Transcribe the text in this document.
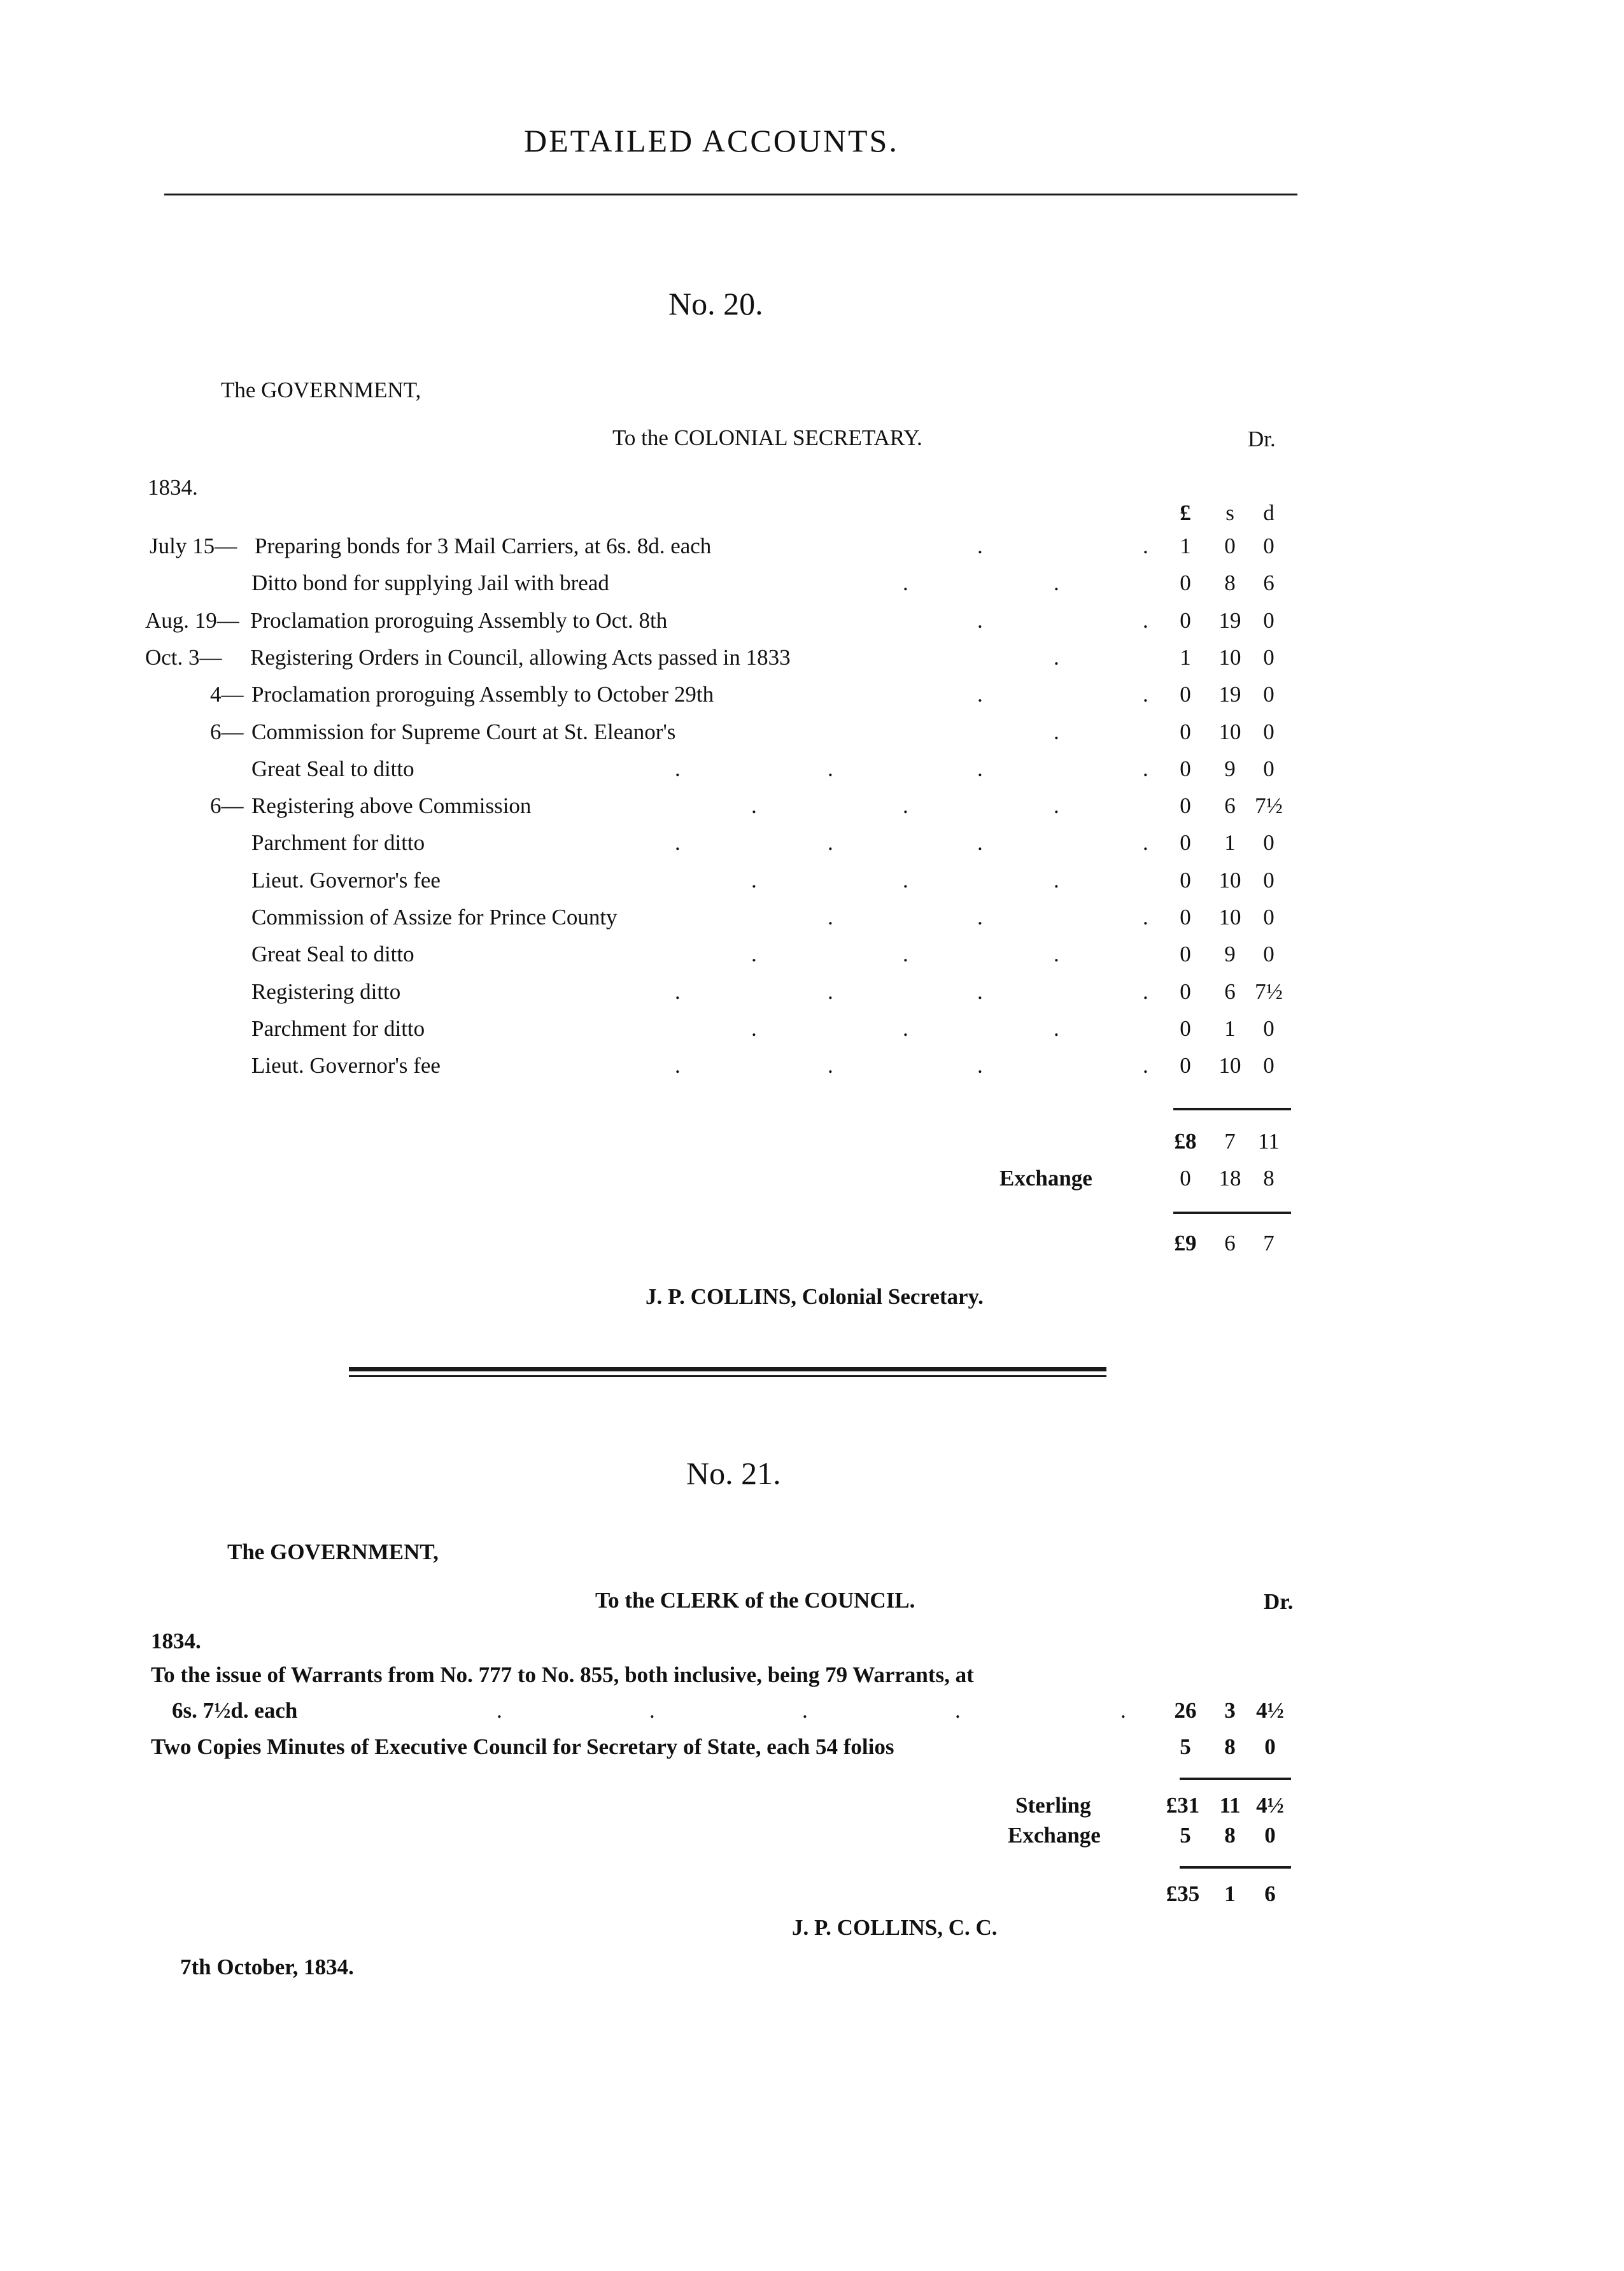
DETAILED ACCOUNTS.
No. 20.
The GOVERNMENT,
To the COLONIAL SECRETARY.	Dr.
1834.
£	s	d
July 15— Preparing bonds for 3 Mail Carriers, at 6s. 8d. each	.	.	1	0	0
Ditto bond for supplying Jail with bread	.	.	0	8	6
Aug. 19— Proclamation proroguing Assembly to Oct. 8th	.	.	0	19 0
Oct. 3— Registering Orders in Council, allowing Acts passed in 1833	.	1	10 0
4— Proclamation proroguing Assembly to October 29th	.	.	0	19 0
6— Commission for Supreme Court at St. Eleanor's	.	0	10 0
Great Seal to ditto	.	.	.	.	0	9	0
6— Registering above Commission	.	.	.	0	6 7½
Parchment for ditto	.	.	.	.	0	1	0
Lieut. Governor's fee	.	.	.	0	10 0
Commission of Assize for Prince County	.	.	.	0	10 0
Great Seal to ditto	.	.	.	0	9	0
Registering ditto	.	.	.	.	0	6 7½
Parchment for ditto	.	.	.	0	1	0
Lieut. Governor's fee	.	.	.	.	0	10 0
£8	7	11
Exchange	0	18 8
£9	6	7
J. P. COLLINS, Colonial Secretary.
No. 21.
The GOVERNMENT,
To the CLERK of the COUNCIL.	Dr.
1834.
To the issue of Warrants from No. 777 to No. 855, both inclusive, being 79 Warrants, at
6s. 7½d. each	.	.	.	.	.	26	3 4½
Two Copies Minutes of Executive Council for Secretary of State, each 54 folios	5	8	0
Sterling	£31 11 4½
Exchange	5	8	0
£35	1	6
J. P. COLLINS, C. C.
7th October, 1834.
